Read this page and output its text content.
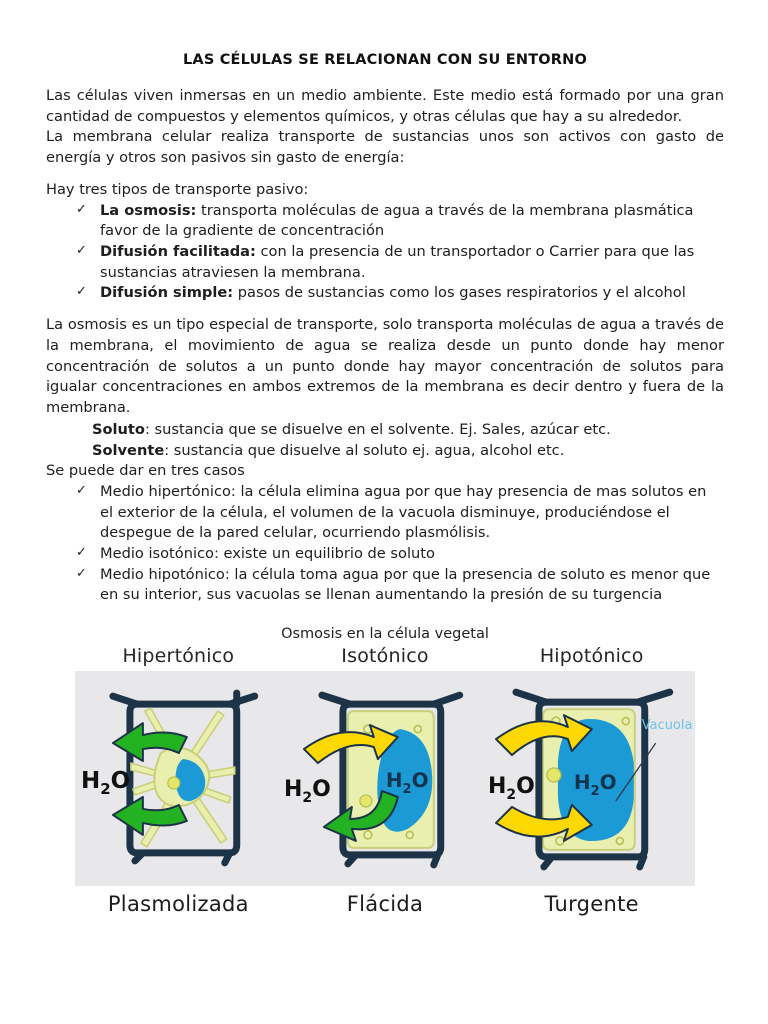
LAS CÉLULAS SE RELACIONAN CON SU ENTORNO

Las células viven inmersas en un medio ambiente. Este medio está formado por una gran cantidad de compuestos y elementos químicos, y otras células que hay a su alrededor.

La membrana celular realiza transporte de sustancias unos son activos con gasto de energía y otros son pasivos sin gasto de energía:

Hay tres tipos de transporte pasivo:

✓ La osmosis: transporta moléculas de agua a través de la membrana plasmática favor de la gradiente de concentración
✓ Difusión facilitada: con la presencia de un transportador o Carrier para que las sustancias atraviesen la membrana.
✓ Difusión simple: pasos de sustancias como los gases respiratorios y el alcohol

La osmosis es un tipo especial de transporte, solo transporta moléculas de agua a través de la membrana, el movimiento de agua se realiza desde un punto donde hay menor concentración de solutos a un punto donde hay mayor concentración de solutos para igualar concentraciones en ambos extremos de la membrana es decir dentro y fuera de la membrana.

Soluto: sustancia que se disuelve en el solvente. Ej. Sales, azúcar etc.
Solvente: sustancia que disuelve al soluto ej. agua, alcohol etc.

Se puede dar en tres casos

✓ Medio hipertónico: la célula elimina agua por que hay presencia de mas solutos en el exterior de la célula, el volumen de la vacuola disminuye, produciéndose el despegue de la pared celular, ocurriendo plasmólisis.
✓ Medio isotónico: existe un equilibrio de soluto
✓ Medio hipotónico: la célula toma agua por que la presencia de soluto es menor que en su interior, sus vacuolas se llenan aumentando la presión de su turgencia
Osmosis en la célula vegetal
Hipertónico	Isotónico	Hipotónico
$H_2O$	$H_2O$	$H_2O$	$H_2O$ $H_2O$
Vacuola
Plasmolizada	Flácida	Turgente
